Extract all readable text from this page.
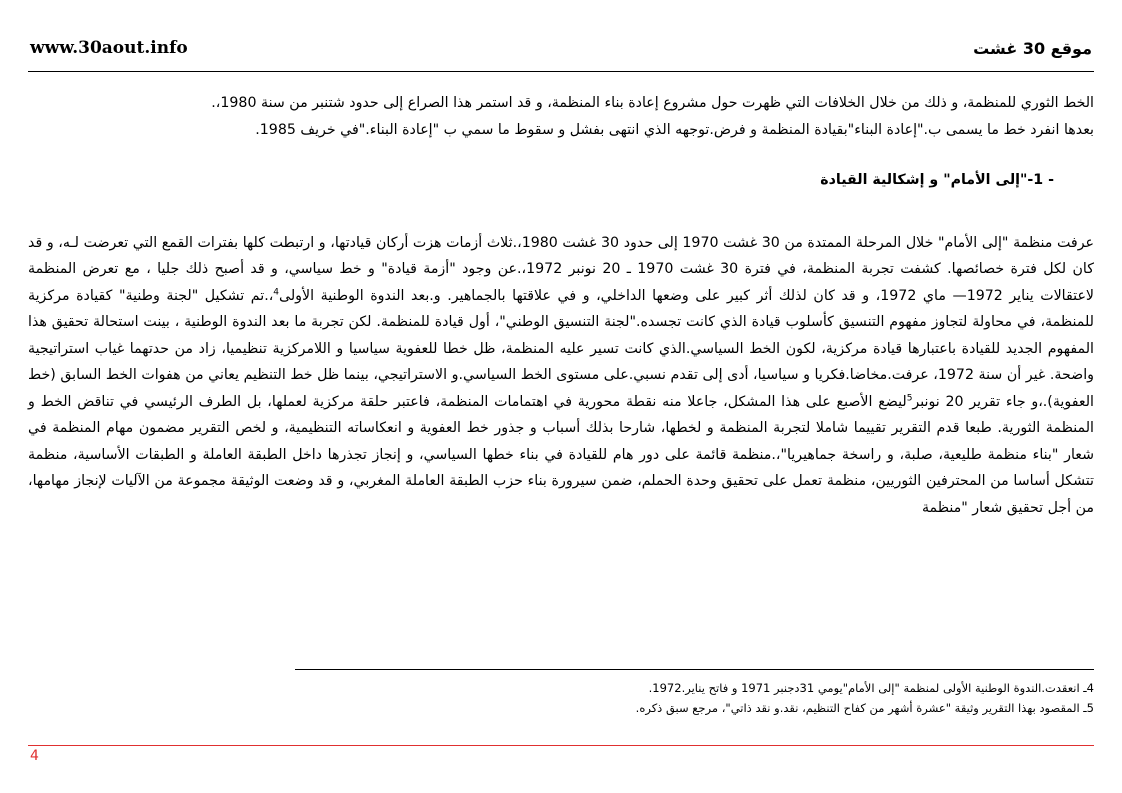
www.30aout.info	موقع 30 غشت

الخط الثوري للمنظمة، و ذلك من خلال الخلافات التي ظهرت حول مشروع إعادة بناء المنظمة، و قد استمر هذا الصراع إلى حدود شتنبر من سنة 1980،.

بعدها انفرد خط ما يسمى ب."إعادة البناء"بقيادة المنظمة و فرض.توجهه الذي انتهى بفشل و سقوط ما سمي ب "إعادة البناء."في خريف 1985.

- 1-"إلى الأمام" و إشكالية القيادة

عرفت منظمة "إلى الأمام" خلال المرحلة الممتدة من 30 غشت 1970 إلى حدود 30 غشت 1980،.ثلاث أزمات هزت أركان قيادتها، و ارتبطت كلها بفترات القمع التي تعرضت لـه، و قد كان لكل فترة خصائصها. كشفت تجربة المنظمة، في فترة 30 غشت 1970 ـ 20 نونبر 1972،.عن وجود "أزمة قيادة" و خط سياسي، و قد أصبح ذلك جليا ، مع تعرض المنظمة لاعتقالات يناير 1972— ماي 1972، و قد كان لذلك أثر كبير على وضعها الداخلي، و في علاقتها بالجماهير. و.بعد الندوة الوطنية الأولى$^4$،.تم تشكيل "لجنة وطنية" كقيادة مركزية للمنظمة، في محاولة لتجاوز مفهوم التنسيق كأسلوب قيادة الذي كانت تجسده."لجنة التنسيق الوطني"، أول قيادة للمنظمة. لكن تجربة ما بعد الندوة الوطنية ، بينت استحالة تحقيق هذا المفهوم الجديد للقيادة باعتبارها قيادة مركزية، لكون الخط السياسي.الذي كانت تسير عليه المنظمة، ظل خطا للعفوية سياسيا و اللامركزية تنظيميا، زاد من حدتهما غياب استراتيجية واضحة. غير أن سنة 1972، عرفت.مخاضا.فكريا و سياسيا، أدى إلى تقدم نسبي.على مستوى الخط السياسي.و الاستراتيجي، بينما ظل خط التنظيم يعاني من هفوات الخط السابق (خط العفوية).،و جاء تقرير 20 نونبر$^5$ليضع الأصبع على هذا المشكل، جاعلا منه نقطة محورية في اهتمامات المنظمة، فاعتبر حلقة مركزية لعملها، بل الطرف الرئيسي في تناقض الخط و المنظمة الثورية. طبعا قدم التقرير تقييما شاملا لتجربة المنظمة و لخطها، شارحا بذلك أسباب و جذور خط العفوية و انعكاساته التنظيمية، و لخص التقرير مضمون مهام المنظمة في شعار "بناء منظمة طليعية، صلبة، و راسخة جماهيريا"،.منظمة قائمة على دور هام للقيادة في بناء خطها السياسي، و إنجاز تجذرها داخل الطبقة العاملة و الطبقات الأساسية، منظمة تتشكل أساسا من المحترفين الثوريين، منظمة تعمل على تحقيق وحدة الحملم، ضمن سيرورة بناء حزب الطبقة العاملة المغربي، و قد وضعت الوثيقة مجموعة من الآليات لإنجاز مهامها، من أجل تحقيق شعار "منظمة

4ـ انعقدت.الندوة الوطنية الأولى لمنظمة "إلى الأمام"يومي 31دجنبر 1971 و فاتح يناير.1972.

5ـ المقصود بهذا التقرير وثيقة "عشرة أشهر من كفاح التنظيم، نقد.و نقد ذاتي"، مرجع سبق ذكره.

4
